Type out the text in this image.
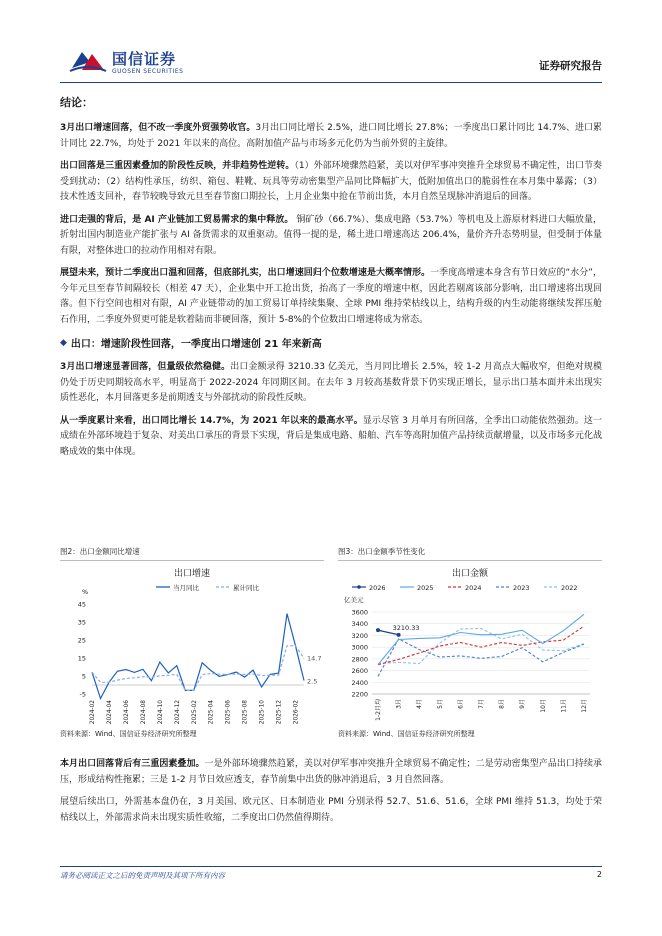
国信证券
GUOSEN SECURITIES	证券研究报告
结论：

3月出口增速回落，但不改一季度外贸强势收官。3月出口同比增长 2.5%，进口同比增长 27.8%；一季度出口累计同比 14.7%、进口累计同比 22.7%，均处于 2021 年以来的高位。高附加值产品与市场多元化仍为当前外贸的主旋律。

出口回落是三重因素叠加的阶段性反映，并非趋势性逆转。（1）外部环境骤然趋紧，美以对伊军事冲突推升全球贸易不确定性，出口节奏受到扰动；（2）结构性承压，纺织、箱包、鞋靴、玩具等劳动密集型产品同比降幅扩大，低附加值出口的脆弱性在本月集中暴露；（3）技术性透支回补，春节较晚导致元旦至春节窗口期拉长，上月企业集中抢在节前出货，本月自然呈现脉冲消退后的回落。

进口走强的背后，是 AI 产业链加工贸易需求的集中释放。 铜矿砂（66.7%）、集成电路（53.7%）等机电及上游原材料进口大幅放量，折射出国内制造业产能扩张与 AI 备货需求的双重驱动。值得一提的是，稀土进口增速高达 206.4%，量价齐升态势明显，但受制于体量有限，对整体进口的拉动作用相对有限。

展望未来，预计二季度出口温和回落，但底部扎实，出口增速回归个位数增速是大概率情形。一季度高增速本身含有节日效应的“水分”，今年元旦至春节间隔较长（相差 47 天），企业集中开工抢出货，抬高了一季度的增速中枢，因此若剔离该部分影响，出口增速将出现回落。但下行空间也相对有限，AI 产业链带动的加工贸易订单持续集聚、全球 PMI 维持荣枯线以上，结构升级的内生动能将继续发挥压舱石作用，二季度外贸更可能是软着陆而非硬回落，预计 5-8%的个位数出口增速将成为常态。

◆ 出口：增速阶段性回落，一季度出口增速创 21 年来新高

3月出口增速显著回落，但量级依然稳健。出口金额录得 3210.33 亿美元，当月同比增长 2.5%，较 1-2 月高点大幅收窄，但绝对规模仍处于历史同期较高水平，明显高于 2022-2024 年同期区间。在去年 3 月较高基数背景下仍实现正增长，显示出口基本面并未出现实质性恶化，本月回落更多是前期透支与外部扰动的阶段性反映。

从一季度累计来看，出口同比增长 14.7%，为 2021 年以来的最高水平。显示尽管 3 月单月有所回落，全季出口动能依然强劲。这一成绩在外部环境趋于复杂、对美出口承压的背景下实现，背后是集成电路、船舶、汽车等高附加值产品持续贡献增量，以及市场多元化战略成效的集中体现。

图2：出口金额同比增速
出口增速
当月同比	累计同比
%
-5
5
15
25
35
45
2024-02 2024-04 2024-06 2024-08 2024-10 2024-12 2025-02 2025-04 2025-06 2025-08 2025-10 2025-12 2026-02
14.7
2.5
资料来源：Wind、国信证券经济研究所整理
图3：出口金额季节性变化
出口金额
2026	2025	2024	2023	2022
亿美元
2200
2400
2600
2800
3000
3200
3400
3600
1-2月均 3月 4月 5月 6月 7月 8月 9月 10月 11月 12月
3210.33
资料来源：Wind、国信证券经济研究所整理

本月出口回落背后有三重因素叠加。一是外部环境骤然趋紧，美以对伊军事冲突推升全球贸易不确定性；二是劳动密集型产品出口持续承压，形成结构性拖累；三是 1-2 月节日效应透支，春节前集中出货的脉冲消退后，3 月自然回落。

展望后续出口，外需基本盘仍在，3 月美国、欧元区、日本制造业 PMI 分别录得 52.7、51.6、51.6，全球 PMI 维持 51.3，均处于荣枯线以上，外部需求尚未出现实质性收缩，二季度出口仍然值得期待。

请务必阅读正文之后的免责声明及其项下所有内容	2
